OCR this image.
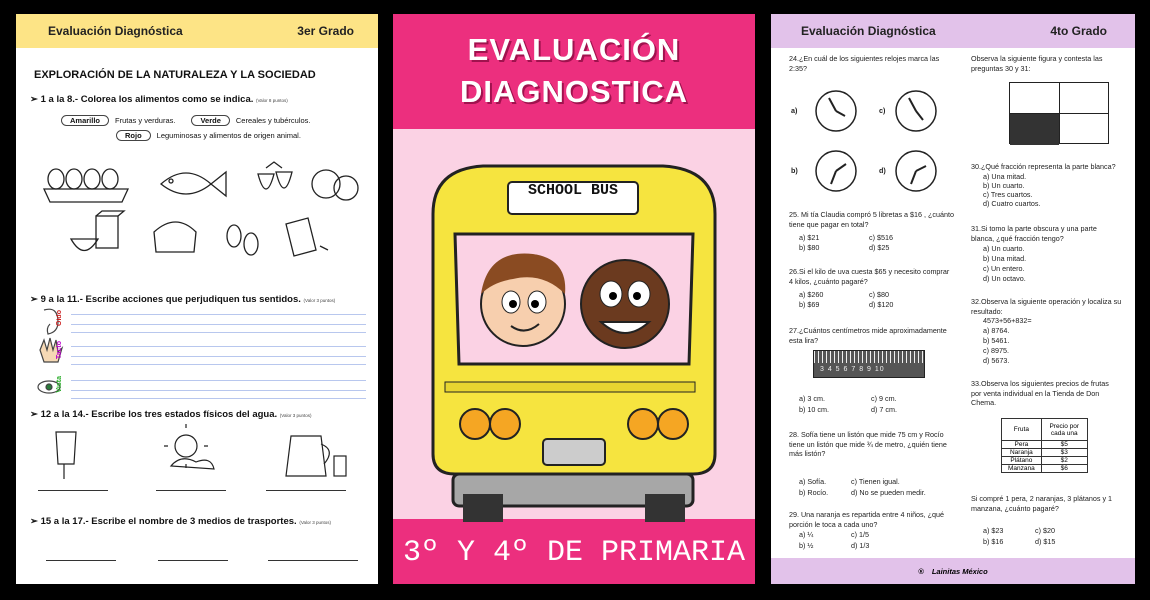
Evaluación Diagnóstica	3er Grado
EXPLORACIÓN DE LA NATURALEZA Y LA SOCIEDAD
➢ 1 a la 8.- Colorea los alimentos como se indica. (Valor 8 puntos)
Amarillo	Frutas y verduras.	Verde	Cereales y tubérculos.
Rojo	Leguminosas y alimentos de origen animal.
➢ 9 a la 11.- Escribe acciones que perjudiquen tus sentidos. (Valor 3 puntos)
Oído
Tacto
Vista
➢ 12 a la 14.- Escribe los tres estados físicos del agua. (Valor 3 puntos)
➢ 15 a la 17.- Escribe el nombre de 3 medios de trasportes. (Valor 3 puntos)
EVALUACIÓN
DIAGNOSTICA
SCHOOL BUS
3º Y 4º DE PRIMARIA
Evaluación Diagnóstica	4to Grado
24.¿En cuál de los siguientes relojes marca las 2:35?
a)	c)
b)	d)
25. Mi tía Claudia compró 5 libretas a $16 , ¿cuánto tiene que pagar en total?
a) $21	c) $516
b) $80	d) $25
26.Si el kilo de uva cuesta $65 y necesito comprar 4 kilos, ¿cuánto pagaré?
a) $260	c) $80
b) $69	d) $120
27.¿Cuántos centímetros mide aproximadamente esta lira?
3 4 5 6 7 8 9 10
a) 3 cm.	c) 9 cm.
b) 10 cm.	d) 7 cm.
28. Sofía tiene un listón que mide 75 cm y Rocío tiene un listón que mide ¾ de metro, ¿quién tiene más listón?
a) Sofía.	c) Tienen igual.
b) Rocío.	d) No se pueden medir.
29. Una naranja es repartida entre 4 niños, ¿qué porción le toca a cada uno?
a) ¼	c) 1/5
b) ½	d) 1/3
Observa la siguiente figura y contesta las preguntas 30 y 31:
30.¿Qué fracción representa la parte blanca?
a) Una mitad.
b) Un cuarto.
c) Tres cuartos.
d) Cuatro cuartos.
31.Si tomo la parte obscura y una parte blanca, ¿qué fracción tengo?
a) Un cuarto.
b) Una mitad.
c) Un entero.
d) Un octavo.
32.Observa la siguiente operación y localiza su resultado:
4573+56+832=
a) 8764.
b) 5461.
c) 8975.
d) 5673.
33.Observa los siguientes precios de frutas por venta individual en la Tienda de Don Chema.
Fruta	Precio por cada una
Pera	$5
Naranja	$3
Plátano	$2
Manzana	$6
Si compré 1 pera, 2 naranjas, 3 plátanos y 1 manzana, ¿cuánto pagaré?
a) $23	c) $20
b) $16	d) $15
® Lainitas México
